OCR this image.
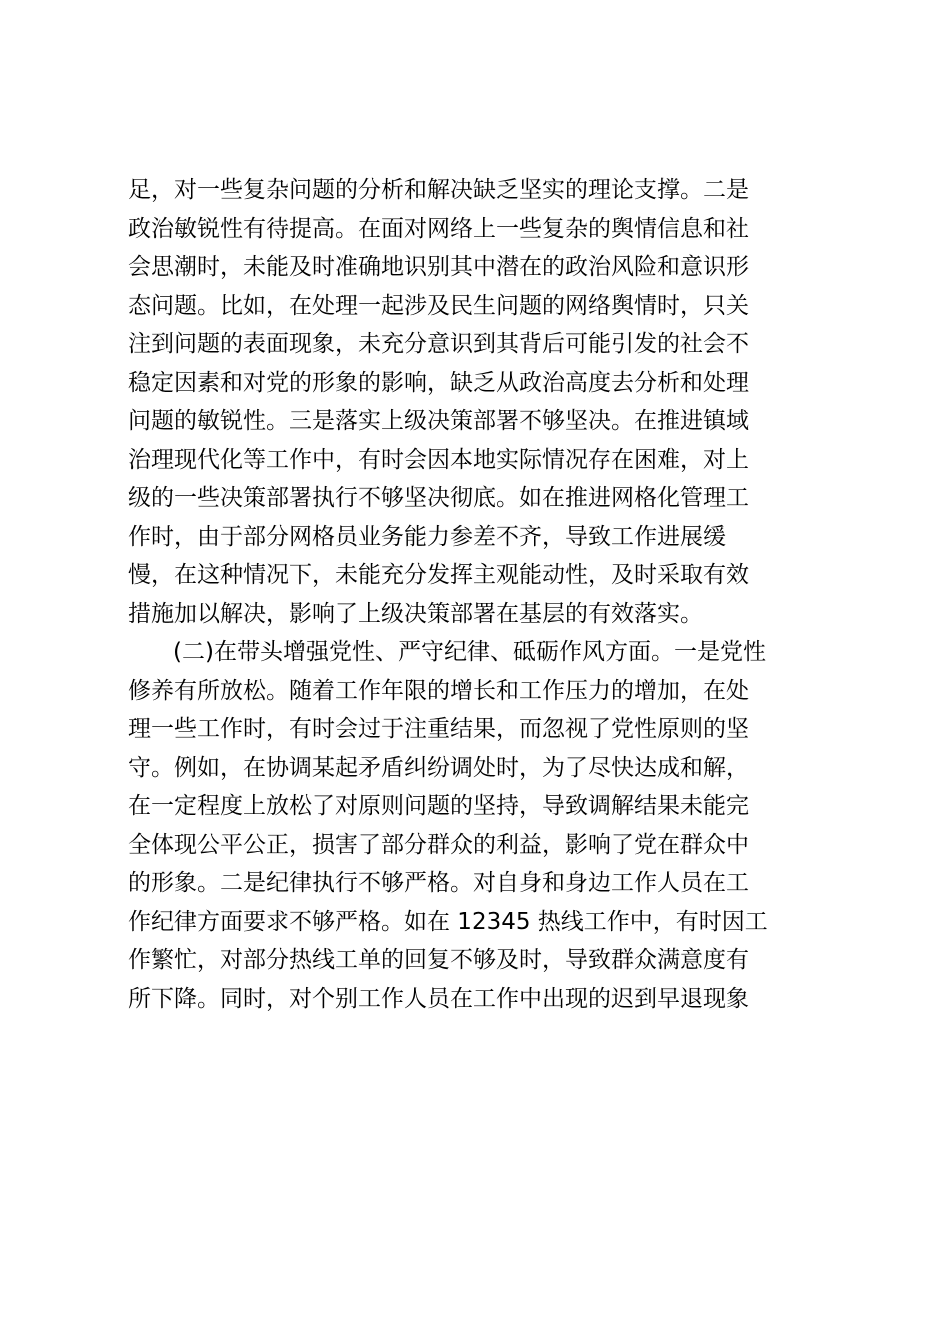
足，对一些复杂问题的分析和解决缺乏坚实的理论支撑。二是
政治敏锐性有待提高。在面对网络上一些复杂的舆情信息和社
会思潮时，未能及时准确地识别其中潜在的政治风险和意识形
态问题。比如，在处理一起涉及民生问题的网络舆情时，只关
注到问题的表面现象，未充分意识到其背后可能引发的社会不
稳定因素和对党的形象的影响，缺乏从政治高度去分析和处理
问题的敏锐性。三是落实上级决策部署不够坚决。在推进镇域
治理现代化等工作中，有时会因本地实际情况存在困难，对上
级的一些决策部署执行不够坚决彻底。如在推进网格化管理工
作时，由于部分网格员业务能力参差不齐，导致工作进展缓
慢，在这种情况下，未能充分发挥主观能动性，及时采取有效
措施加以解决，影响了上级决策部署在基层的有效落实。
(二)在带头增强党性、严守纪律、砥砺作风方面。一是党性
修养有所放松。随着工作年限的增长和工作压力的增加，在处
理一些工作时，有时会过于注重结果，而忽视了党性原则的坚
守。例如，在协调某起矛盾纠纷调处时，为了尽快达成和解，
在一定程度上放松了对原则问题的坚持，导致调解结果未能完
全体现公平公正，损害了部分群众的利益，影响了党在群众中
的形象。二是纪律执行不够严格。对自身和身边工作人员在工
作纪律方面要求不够严格。如在 12345 热线工作中，有时因工
作繁忙，对部分热线工单的回复不够及时，导致群众满意度有
所下降。同时，对个别工作人员在工作中出现的迟到早退现象
